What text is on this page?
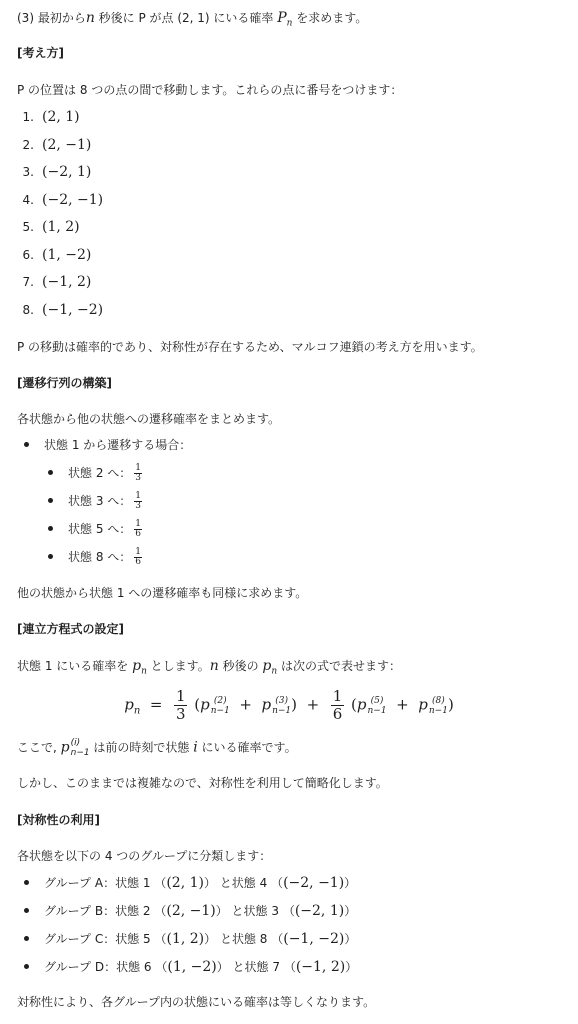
(3) 最初からn 秒後に P が点 (2, 1) にいる確率 $P_n$ を求めます。
[考え方]
P の位置は 8 つの点の間で移動します。これらの点に番号をつけます：
1. (2, 1)
2. (2, −1)
3. (−2, 1)
4. (−2, −1)
5. (1, 2)
6. (1, −2)
7. (−1, 2)
8. (−1, −2)
P の移動は確率的であり、対称性が存在するため、マルコフ連鎖の考え方を用います。
[遷移行列の構築]
各状態から他の状態への遷移確率をまとめます。
状態 1 から遷移する場合：
状態 2 へ： $\frac{1}{3}$
状態 3 へ： $\frac{1}{3}$
状態 5 へ： $\frac{1}{6}$
状態 8 へ： $\frac{1}{6}$
他の状態から状態 1 への遷移確率も同様に求めます。
[連立方程式の設定]
状態 1 にいる確率を $p_n$ とします。n 秒後の $p_n$ は次の式で表せます：
$p_n = \frac{1}{3} (p$ (2)
n−1 +  p (3)
n−1 )  + $\frac{1}{6} (p$ (5)
n−1 +  p (8)
n−1 )
ここで, p (i)
n−1 は前の時刻で状態 i にいる確率です。
しかし、このままでは複雑なので、対称性を利用して簡略化します。
[対称性の利用]
各状態を以下の 4 つのグループに分類します：
グループ A：状態 1 （(2, 1)） と状態 4 （(−2, −1)）
グループ B：状態 2 （(2, −1)） と状態 3 （(−2, 1)）
グループ C：状態 5 （(1, 2)） と状態 8 （(−1, −2)）
グループ D：状態 6 （(1, −2)） と状態 7 （(−1, 2)）
対称性により、各グループ内の状態にいる確率は等しくなります。
